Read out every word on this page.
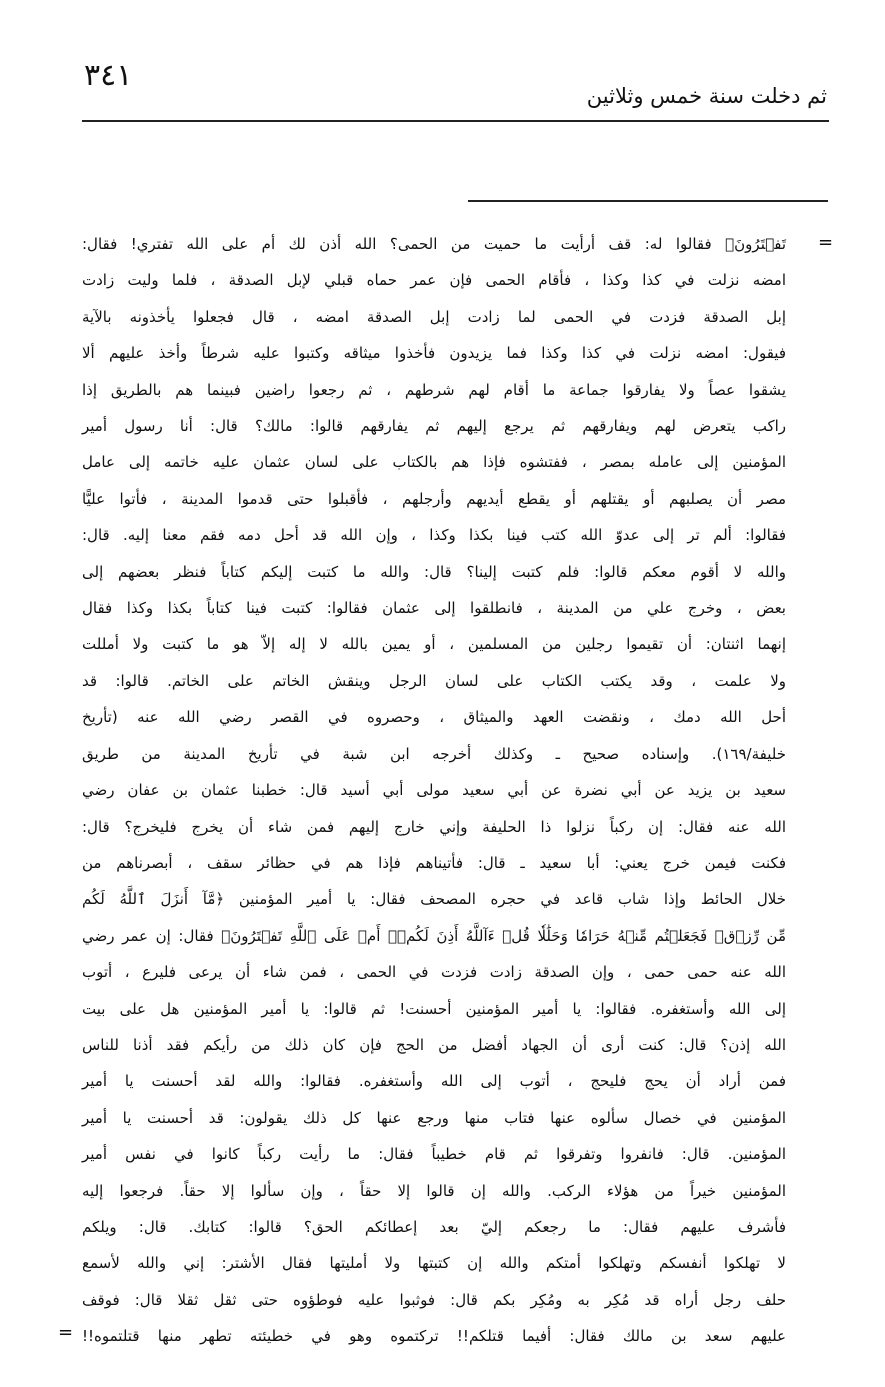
٣٤١
ثم دخلت سنة خمس وثلاثين
=
=
تَفۡتَرُونَ﴾ فقالوا له: قف أرأيت ما حميت من الحمى؟ الله أذن لك أم على الله تفتري! فقال:
امضه نزلت في كذا وكذا ، فأقام الحمى فإن عمر حماه قبلي لإبل الصدقة ، فلما وليت زادت
إبل الصدقة فزدت في الحمى لما زادت إبل الصدقة امضه ، قال فجعلوا يأخذونه بالآية
فيقول: امضه نزلت في كذا وكذا فما يزيدون فأخذوا ميثاقه وكتبوا عليه شرطاً وأخذ عليهم ألا
يشقوا عصاً ولا يفارقوا جماعة ما أقام لهم شرطهم ، ثم رجعوا راضين فبينما هم بالطريق إذا
راكب يتعرض لهم ويفارقهم ثم يرجع إليهم ثم يفارقهم قالوا: مالك؟ قال: أنا رسول أمير
المؤمنين إلى عامله بمصر ، ففتشوه فإذا هم بالكتاب على لسان عثمان عليه خاتمه إلى عامل
مصر أن يصلبهم أو يقتلهم أو يقطع أيديهم وأرجلهم ، فأقبلوا حتى قدموا المدينة ، فأتوا عليًّا
فقالوا: ألم تر إلى عدوّ الله كتب فينا بكذا وكذا ، وإن الله قد أحل دمه فقم معنا إليه. قال:
والله لا أقوم معكم قالوا: فلم كتبت إلينا؟ قال: والله ما كتبت إليكم كتاباً فنظر بعضهم إلى
بعض ، وخرج علي من المدينة ، فانطلقوا إلى عثمان فقالوا: كتبت فينا كتاباً بكذا وكذا فقال
إنهما اثنتان: أن تقيموا رجلين من المسلمين ، أو يمين بالله لا إله إلاّ هو ما كتبت ولا أمللت
ولا علمت ، وقد يكتب الكتاب على لسان الرجل وينقش الخاتم على الخاتم. قالوا: قد
أحل الله دمك ، ونقضت العهد والميثاق ، وحصروه في القصر رضي الله عنه (تأريخ
خليفة/١٦٩). وإسناده صحيح ـ وكذلك أخرجه ابن شبة في تأريخ المدينة من طريق
سعيد بن يزيد عن أبي نضرة عن أبي سعيد مولى أبي أسيد قال: خطبنا عثمان بن عفان رضي
الله عنه فقال: إن ركباً نزلوا ذا الحليفة وإني خارج إليهم فمن شاء أن يخرج فليخرج؟ قال:
فكنت فيمن خرج يعني: أبا سعيد ـ قال: فأتيناهم فإذا هم في حظائر سقف ، أبصرناهم من
خلال الحائط وإذا شاب قاعد في حجره المصحف فقال: يا أمير المؤمنين ﴿مَّآ أَنزَلَ ٱللَّهُ لَكُم
مِّن رِّزۡقٖ فَجَعَلۡتُم مِّنۡهُ حَرَامٗا وَحَلَٰلٗا قُلۡ ءَآللَّهُ أَذِنَ لَكُمۡۖ أَمۡ عَلَى ٱللَّهِ تَفۡتَرُونَ﴾ فقال: إن عمر رضي
الله عنه حمى حمى ، وإن الصدقة زادت فزدت في الحمى ، فمن شاء أن يرعى فليرع ، أتوب
إلى الله وأستغفره. فقالوا: يا أمير المؤمنين أحسنت! ثم قالوا: يا أمير المؤمنين هل على بيت
الله إذن؟ قال: كنت أرى أن الجهاد أفضل من الحج فإن كان ذلك من رأيكم فقد أذنا للناس
فمن أراد أن يحج فليحج ، أتوب إلى الله وأستغفره. فقالوا: والله لقد أحسنت يا أمير
المؤمنين في خصال سألوه عنها فتاب منها ورجع عنها كل ذلك يقولون: قد أحسنت يا أمير
المؤمنين. قال: فانفروا وتفرقوا ثم قام خطيباً فقال: ما رأيت ركباً كانوا في نفس أمير
المؤمنين خيراً من هؤلاء الركب. والله إن قالوا إلا حقاً ، وإن سألوا إلا حقاً. فرجعوا إليه
فأشرف عليهم فقال: ما رجعكم إليّ بعد إعطائكم الحق؟ قالوا: كتابك. قال: ويلكم
لا تهلكوا أنفسكم وتهلكوا أمتكم والله إن كتبتها ولا أمليتها فقال الأشتر: إني والله لأسمع
حلف رجل أراه قد مُكِر به ومُكِر بكم قال: فوثبوا عليه فوطؤوه حتى ثقل ثقلا قال: فوقف
عليهم سعد بن مالك فقال: أفيما قتلكم!! تركتموه وهو في خطيئته تطهر منها قتلتموه!!
